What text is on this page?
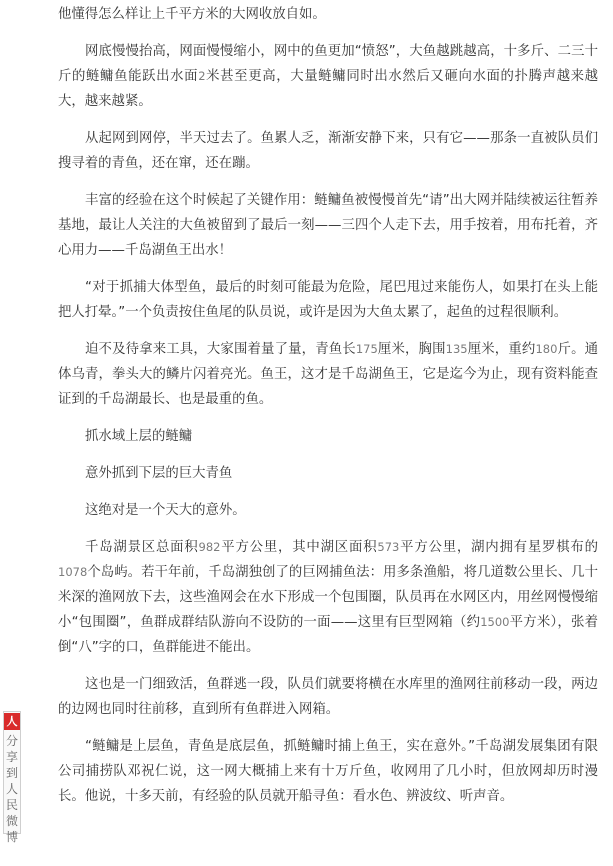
他懂得怎么样让上千平方米的大网收放自如。

网底慢慢抬高，网面慢慢缩小，网中的鱼更加“愤怒”，大鱼越跳越高，十多斤、二三十斤的鲢鳙鱼能跃出水面2米甚至更高，大量鲢鳙同时出水然后又砸向水面的扑腾声越来越大，越来越紧。

从起网到网停，半天过去了。鱼累人乏，渐渐安静下来，只有它——那条一直被队员们搜寻着的青鱼，还在窜，还在蹦。

丰富的经验在这个时候起了关键作用：鲢鳙鱼被慢慢首先“请”出大网并陆续被运往暂养基地，最让人关注的大鱼被留到了最后一刻——三四个人走下去，用手按着，用布托着，齐心用力——千岛湖鱼王出水！

“对于抓捕大体型鱼，最后的时刻可能最为危险，尾巴甩过来能伤人，如果打在头上能把人打晕。”一个负责按住鱼尾的队员说，或许是因为大鱼太累了，起鱼的过程很顺利。

迫不及待拿来工具，大家围着量了量，青鱼长175厘米，胸围135厘米，重约180斤。通体乌青，拳头大的鳞片闪着亮光。鱼王，这才是千岛湖鱼王，它是迄今为止，现有资料能查证到的千岛湖最长、也是最重的鱼。

抓水域上层的鲢鳙

意外抓到下层的巨大青鱼

这绝对是一个天大的意外。

千岛湖景区总面积982平方公里，其中湖区面积573平方公里，湖内拥有星罗棋布的1078个岛屿。若干年前，千岛湖独创了的巨网捕鱼法：用多条渔船，将几道数公里长、几十米深的渔网放下去，这些渔网会在水下形成一个包围圈，队员再在水网区内，用丝网慢慢缩小“包围圈”，鱼群成群结队游向不设防的一面——这里有巨型网箱（约1500平方米），张着倒“八”字的口，鱼群能进不能出。

这也是一门细致活，鱼群逃一段，队员们就要将横在水库里的渔网往前移动一段，两边的边网也同时往前移，直到所有鱼群进入网箱。

“鲢鳙是上层鱼，青鱼是底层鱼，抓鲢鳙时捕上鱼王，实在意外。”千岛湖发展集团有限公司捕捞队邓祝仁说，这一网大概捕上来有十万斤鱼，收网用了几小时，但放网却历时漫长。他说，十多天前，有经验的队员就开船寻鱼：看水色、辨波纹、听声音。

人
分享到人民微博
